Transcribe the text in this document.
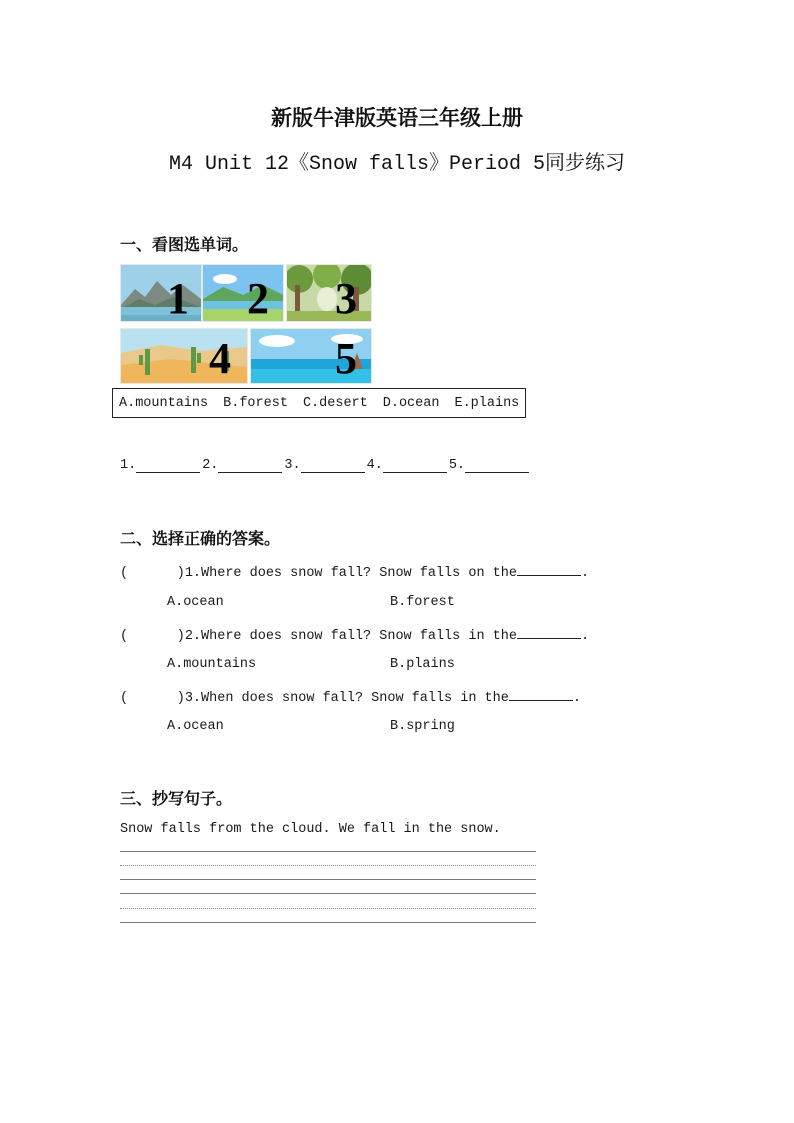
新版牛津版英语三年级上册
M4 Unit 12《Snow falls》Period 5同步练习
一、看图选单词。
1 2 3
4 5
A.mountains B.forest C.desert D.ocean E.plains
1.	2.	3.	4.	5.
二、选择正确的答案。
(      )1.Where does snow fall? Snow falls on the	.
A.ocean	B.forest
(      )2.Where does snow fall? Snow falls in the	.
A.mountains	B.plains
(      )3.When does snow fall? Snow falls in the	.
A.ocean	B.spring
三、抄写句子。
Snow falls from the cloud. We fall in the snow.
